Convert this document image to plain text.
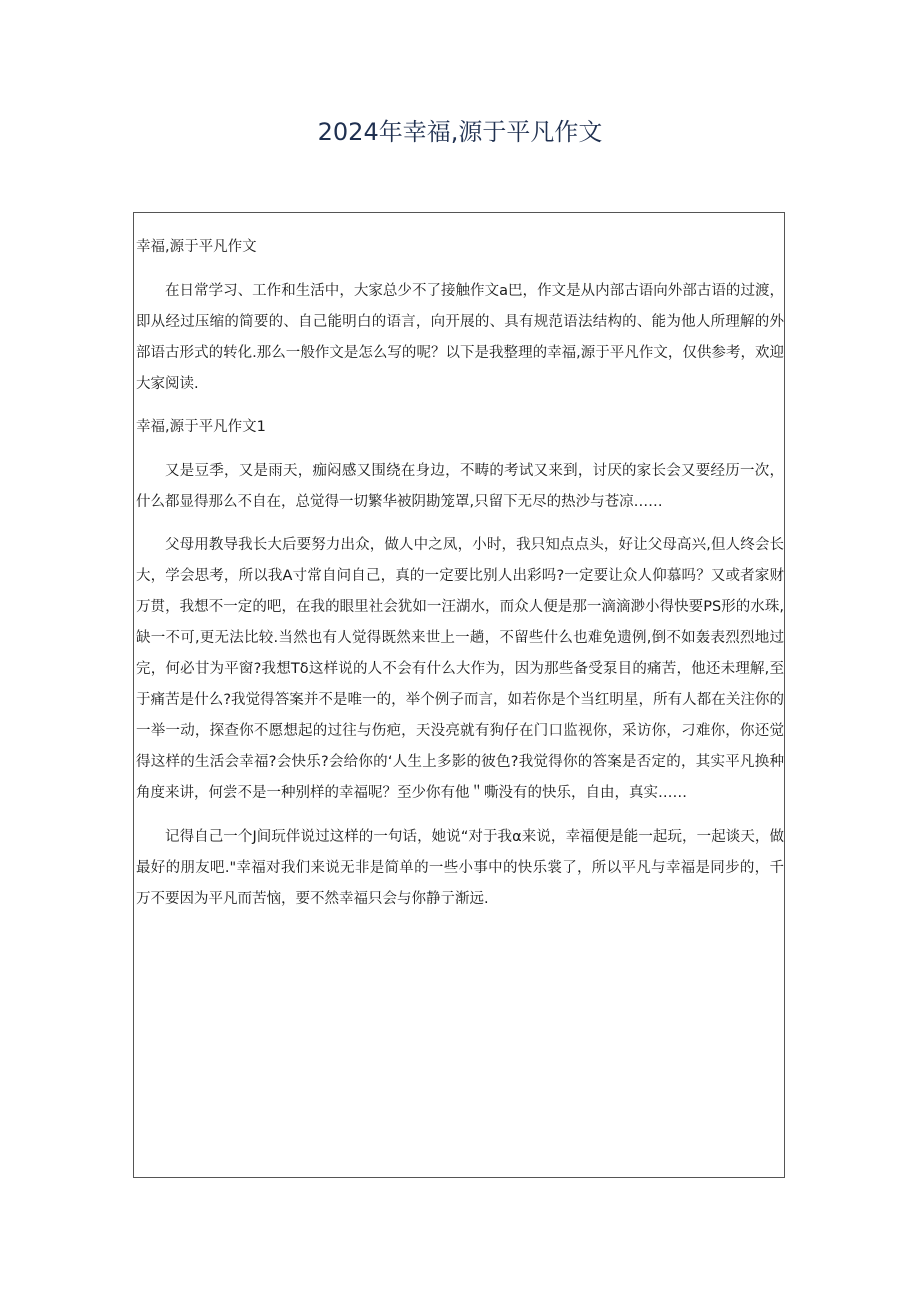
2024年幸福,源于平凡作文

幸福,源于平凡作文

在日常学习、工作和生活中，大家总少不了接触作文a巴，作文是从内部古语向外部古语的过渡，即从经过压缩的简要的、自己能明白的语言，向开展的、具有规范语法结构的、能为他人所理解的外部语古形式的转化.那么一般作文是怎么写的呢？以下是我整理的幸福,源于平凡作文，仅供参考，欢迎大家阅读.

幸福,源于平凡作文1

又是豆季，又是雨天，痂闷感又围绕在身边，不畴的考试又来到，讨厌的家长会又要经历一次，什么都显得那么不自在，总觉得一切繁华被阴勘笼罩,只留下无尽的热沙与苍凉……

父母用教导我长大后要努力出众，做人中之凤，小时，我只知点点头，好让父母高兴,但人终会长大，学会思考，所以我A寸常自问自己，真的一定要比别人出彩吗?一定要让众人仰慕吗？又或者家财万贯，我想不一定的吧，在我的眼里社会犹如一汪湖水，而众人便是那一滴滴渺小得快要PS形的水珠,缺一不可,更无法比较.当然也有人觉得既然来世上一趟，不留些什么也难免遗例,倒不如轰表烈烈地过完，何必甘为平窗?我想Tδ这样说的人不会有什么大作为，因为那些备受泵目的痛苦，他还未理解,至于痛苦是什么?我觉得答案并不是唯一的，举个例子而言，如若你是个当红明星，所有人都在关注你的一举一动，探查你不愿想起的过往与伤疤，天没亮就有狗仔在门口监视你，采访你，刁难你，你还觉得这样的生活会幸福?会快乐?会给你的‘人生上多影的彼色?我觉得你的答案是否定的，其实平凡换种角度来讲，何尝不是一种别样的幸福呢？至少你有他＂嘶没有的快乐，自由，真实……

记得自己一个J间玩伴说过这样的一句话，她说“对于我α来说，幸福便是能一起玩，一起谈天，做最好的朋友吧."幸福对我们来说无非是简单的一些小事中的快乐裳了，所以平凡与幸福是同步的，千万不要因为平凡而苦恼，要不然幸福只会与你静亍渐远.
